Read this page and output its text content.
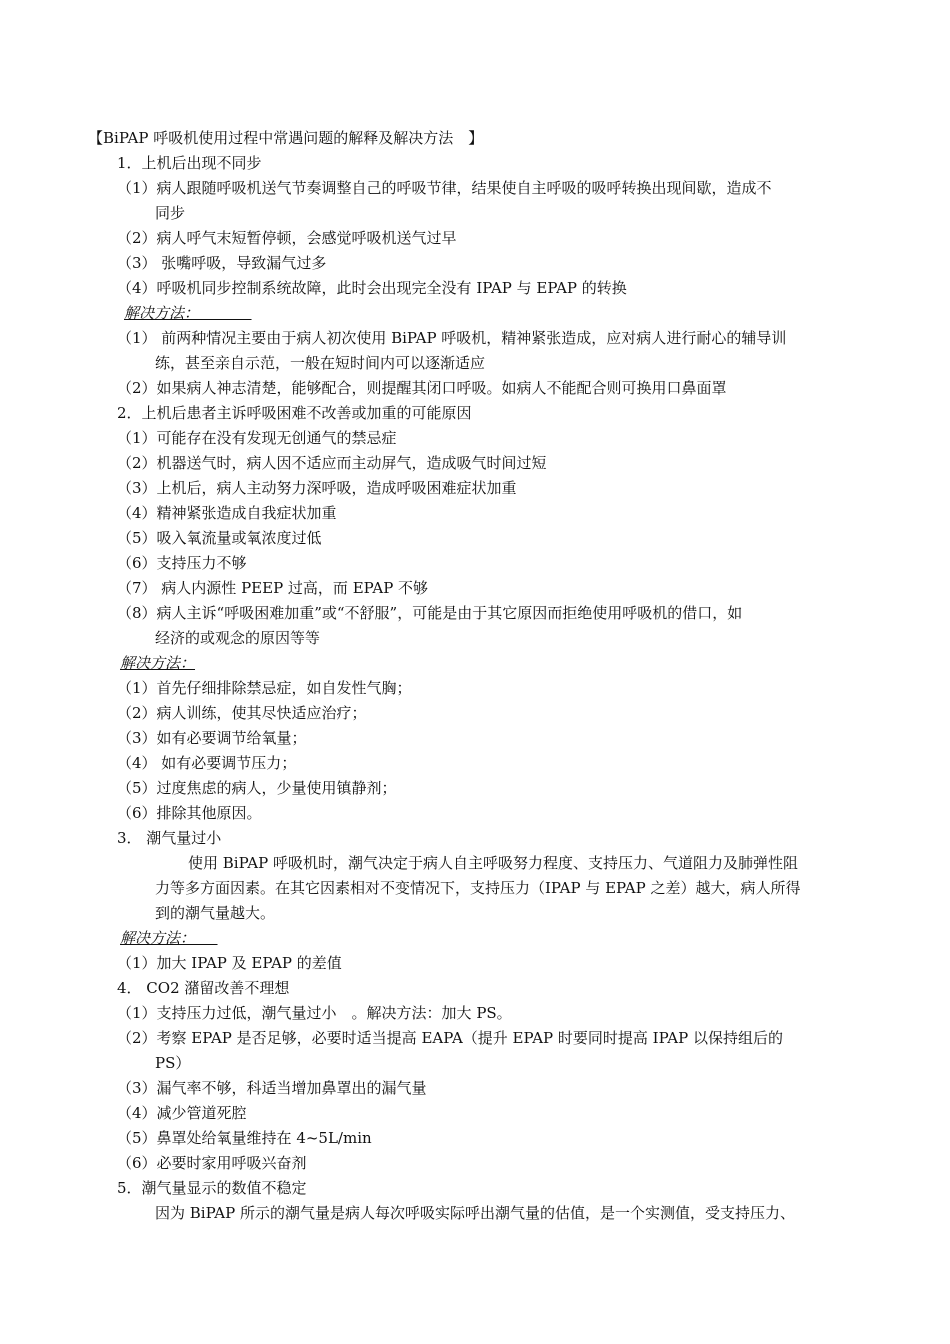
【BiPAP 呼吸机使用过程中常遇问题的解释及解决方法　】

1．上机后出现不同步

（1）病人跟随呼吸机送气节奏调整自己的呼吸节律，结果使自主呼吸的吸呼转换出现间歇，造成不

同步

（2）病人呼气末短暂停顿，会感觉呼吸机送气过早

（3） 张嘴呼吸，导致漏气过多

（4）呼吸机同步控制系统故障，此时会出现完全没有 IPAP 与 EPAP 的转换

解决方法：　　　　

（1） 前两种情况主要由于病人初次使用 BiPAP 呼吸机，精神紧张造成，应对病人进行耐心的辅导训

练，甚至亲自示范，一般在短时间内可以逐渐适应

（2）如果病人神志清楚，能够配合，则提醒其闭口呼吸。如病人不能配合则可换用口鼻面罩

2．上机后患者主诉呼吸困难不改善或加重的可能原因

（1）可能存在没有发现无创通气的禁忌症

（2）机器送气时，病人因不适应而主动屏气，造成吸气时间过短

（3）上机后，病人主动努力深呼吸，造成呼吸困难症状加重

（4）精神紧张造成自我症状加重

（5）吸入氧流量或氧浓度过低

（6）支持压力不够

（7） 病人内源性 PEEP 过高，而 EPAP 不够

（8）病人主诉“呼吸困难加重”或“不舒服”，可能是由于其它原因而拒绝使用呼吸机的借口，如

经济的或观念的原因等等

解决方法：

（1）首先仔细排除禁忌症，如自发性气胸；

（2）病人训练，使其尽快适应治疗；

（3）如有必要调节给氧量；

（4） 如有必要调节压力；

（5）过度焦虑的病人，少量使用镇静剂；

（6）排除其他原因。

3． 潮气量过小

使用 BiPAP 呼吸机时，潮气决定于病人自主呼吸努力程度、支持压力、气道阻力及肺弹性阻

力等多方面因素。在其它因素相对不变情况下，支持压力（IPAP 与 EPAP 之差）越大，病人所得

到的潮气量越大。

解决方法：　　

（1）加大 IPAP 及 EPAP 的差值

4． CO2 潴留改善不理想

（1）支持压力过低，潮气量过小　。解决方法：加大 PS。

（2）考察 EPAP 是否足够，必要时适当提高 EAPA（提升 EPAP 时要同时提高 IPAP 以保持组后的

PS）

（3）漏气率不够，科适当增加鼻罩出的漏气量

（4）减少管道死腔

（5）鼻罩处给氧量维持在 4~5L/min

（6）必要时家用呼吸兴奋剂

5．潮气量显示的数值不稳定

因为 BiPAP 所示的潮气量是病人每次呼吸实际呼出潮气量的估值，是一个实测值，受支持压力、
